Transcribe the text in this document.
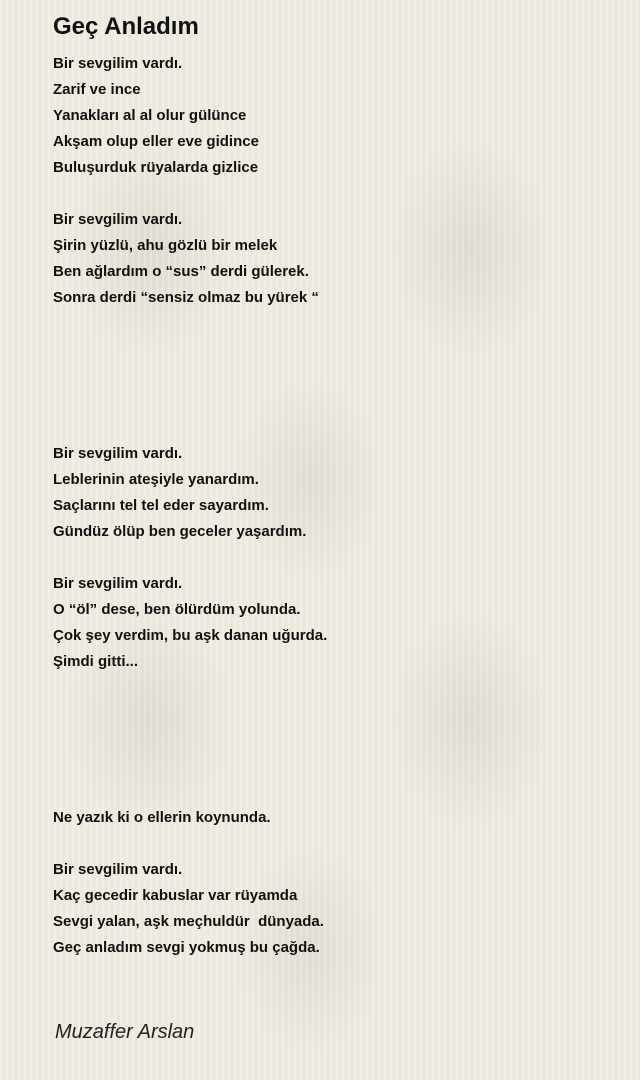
Geç Anladım
Bir sevgilim vardı.
Zarif ve ince
Yanakları al al olur gülünce
Akşam olup eller eve gidince
Buluşurduk rüyalarda gizlice
Bir sevgilim vardı.
Şirin yüzlü, ahu gözlü bir melek
Ben ağlardım o “sus” derdi gülerek.
Sonra derdi “sensiz olmaz bu yürek “
Bir sevgilim vardı.
Leblerinin ateşiyle yanardım.
Saçlarını tel tel eder sayardım.
Gündüz ölüp ben geceler yaşardım.
Bir sevgilim vardı.
O “öl” dese, ben ölürdüm yolunda.
Çok şey verdim, bu aşk danan uğurda.
Şimdi gitti...
Ne yazık ki o ellerin koynunda.
Bir sevgilim vardı.
Kaç gecedir kabuslar var rüyamda
Sevgi yalan, aşk meçhuldür  dünyada.
Geç anladım sevgi yokmuş bu çağda.
Muzaffer Arslan
